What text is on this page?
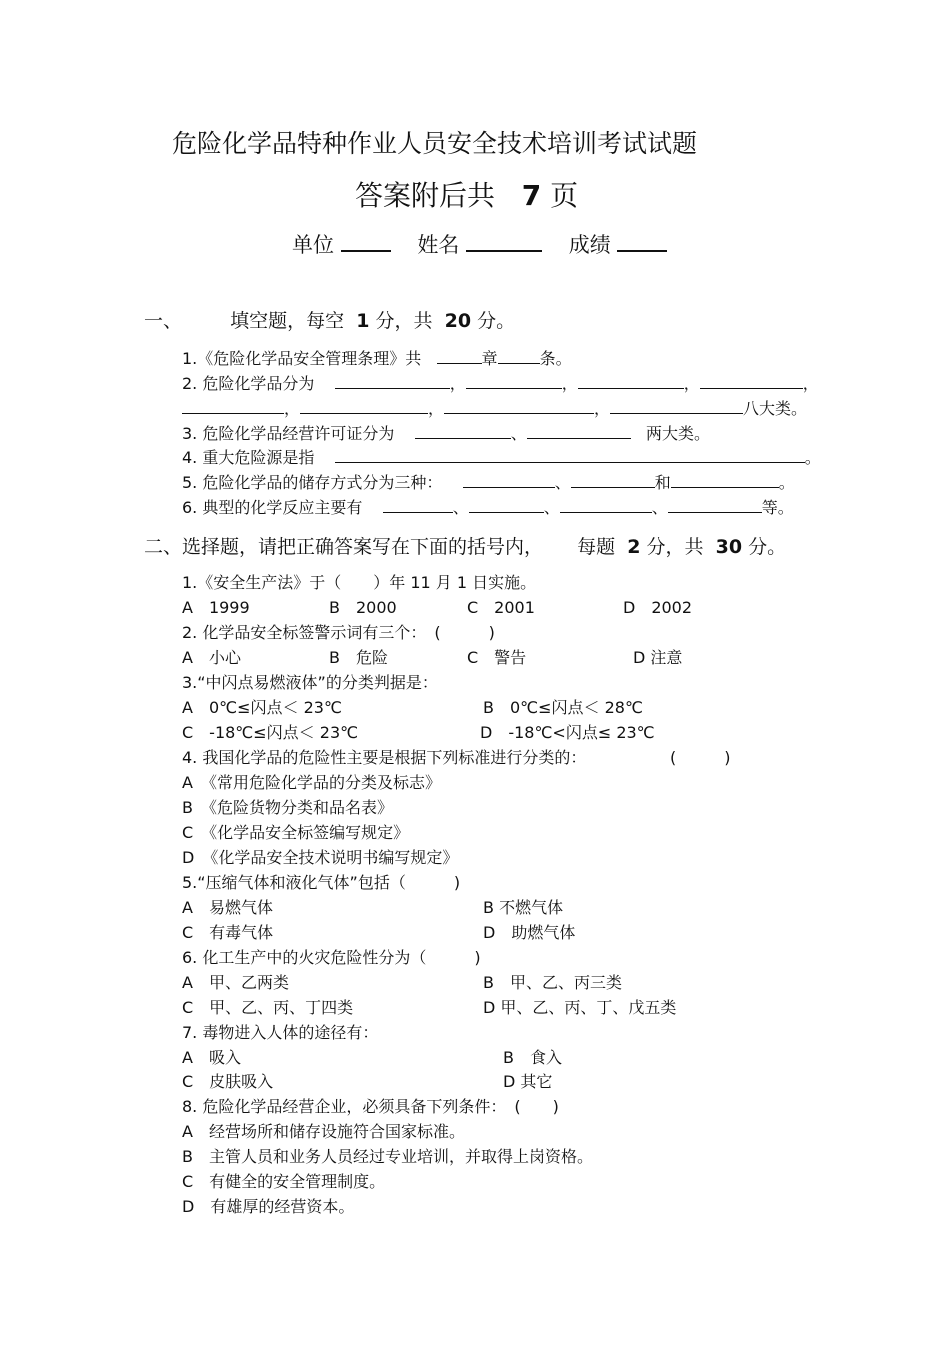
危险化学品特种作业人员安全技术培训考试试题
答案附后共 7 页
单位	姓名	成绩
一、	填空题，每空 1 分，共 20 分。
1.《危险化学品安全管理条理》共	章	条。
2. 危险化学品分为	，	，	，	，
，	，	，	八大类。
3. 危险化学品经营许可证分为	、	两大类。
4. 重大危险源是指	。
5. 危险化学品的储存方式分为三种：	、	和	。
6. 典型的化学反应主要有	、	、	、	等。
二、选择题，请把正确答案写在下面的括号内， 每题 2 分，共 30 分。
1.《安全生产法》于（　　）年 11 月 1 日实施。
A　1999	B　2000	C　2001	D　2002
2. 化学品安全标签警示词有三个：　(　　　)
A　小心	B　危险	C　警告	D 注意
3.“中闪点易燃液体”的分类判据是：
A　0℃≤闪点＜ 23℃	B　0℃≤闪点＜ 28℃
C　-18℃≤闪点＜ 23℃	D　-18℃<闪点≤ 23℃
4. 我国化学品的危险性主要是根据下列标准进行分类的：	(　　　)
A　《常用危险化学品的分类及标志》
B　《危险货物分类和品名表》
C　《化学品安全标签编写规定》
D　《化学品安全技术说明书编写规定》
5.“压缩气体和液化气体”包括（　　　)
A　易燃气体	B 不燃气体
C　有毒气体	D　助燃气体
6. 化工生产中的火灾危险性分为（　　　)
A　甲、乙两类	B　甲、乙、丙三类
C　甲、乙、丙、丁四类	D 甲、乙、丙、丁、戊五类
7. 毒物进入人体的途径有：
A　吸入	B　食入
C　皮肤吸入	D 其它
8. 危险化学品经营企业，必须具备下列条件：　(　　)
A　经营场所和储存设施符合国家标准。
B　主管人员和业务人员经过专业培训，并取得上岗资格。
C　有健全的安全管理制度。
D　有雄厚的经营资本。
